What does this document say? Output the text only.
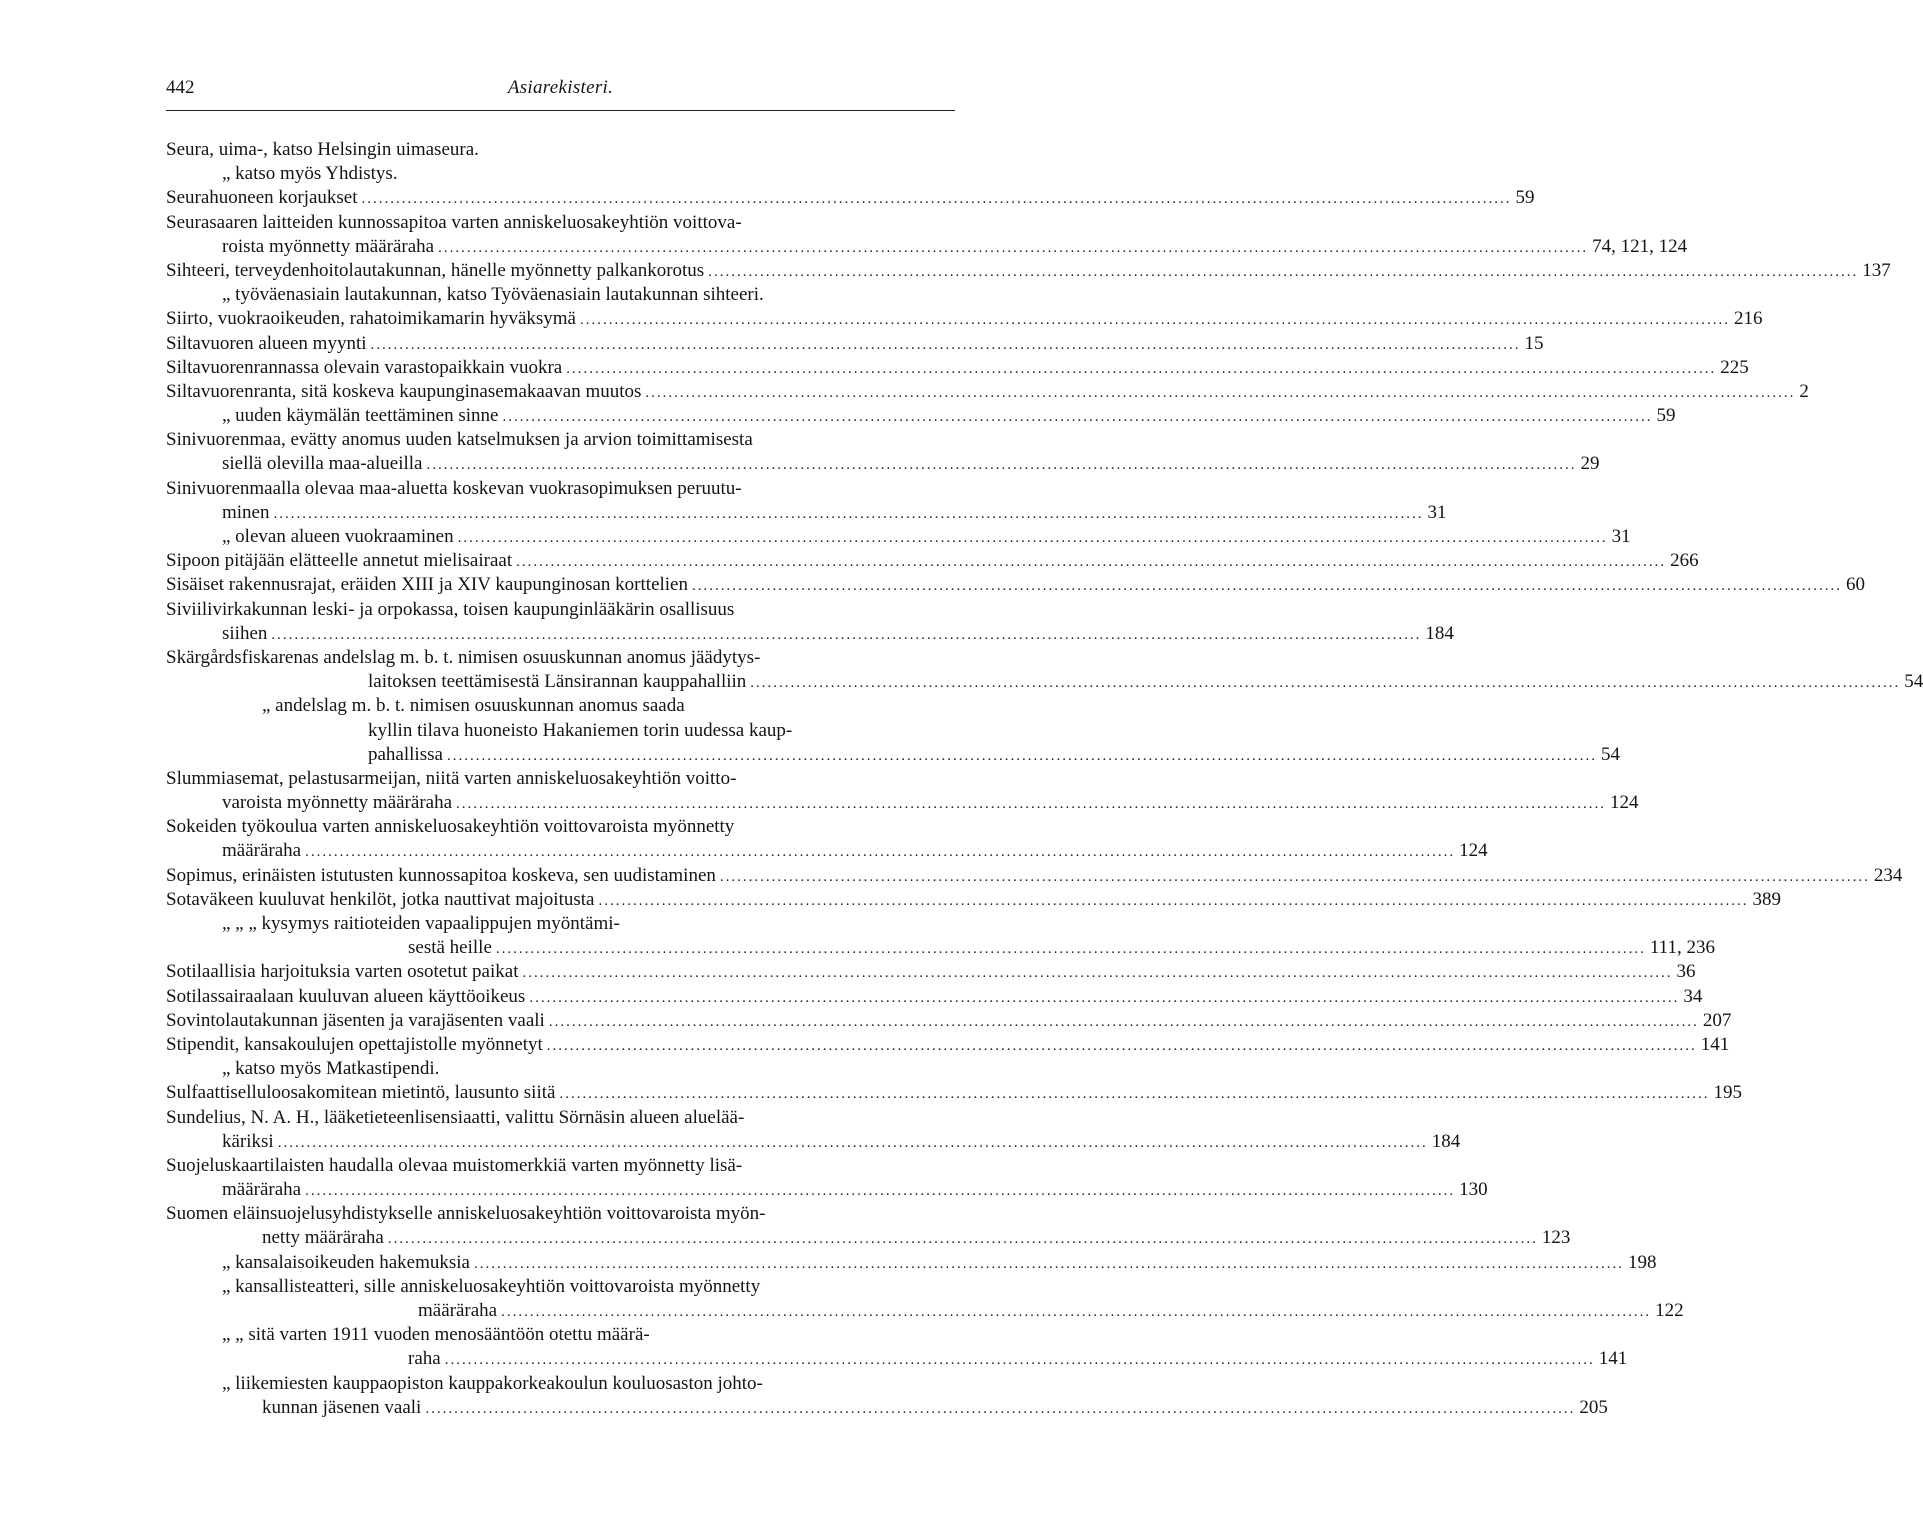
442	Asiarekisteri.
Seura, uima-, katso Helsingin uimaseura.
„ katso myös Yhdistys.
Seurahuoneen korjaukset ........................................................................................................................................................................................................ 59
Seurasaaren laitteiden kunnossapitoa varten anniskeluosakeyhtiön voittova-
roista myönnetty määräraha ........................................................................................................................................................................................................ 74, 121, 124
Sihteeri, terveydenhoitolautakunnan, hänelle myönnetty palkankorotus ........................................................................................................................................................................................................ 137
„ työväenasiain lautakunnan, katso Työväenasiain lautakunnan sihteeri.
Siirto, vuokraoikeuden, rahatoimikamarin hyväksymä ........................................................................................................................................................................................................ 216
Siltavuoren alueen myynti ........................................................................................................................................................................................................ 15
Siltavuorenrannassa olevain varastopaikkain vuokra ........................................................................................................................................................................................................ 225
Siltavuorenranta, sitä koskeva kaupunginasemakaavan muutos ........................................................................................................................................................................................................ 2
„ uuden käymälän teettäminen sinne ........................................................................................................................................................................................................ 59
Sinivuorenmaa, evätty anomus uuden katselmuksen ja arvion toimittamisesta
siellä olevilla maa-alueilla ........................................................................................................................................................................................................ 29
Sinivuorenmaalla olevaa maa-aluetta koskevan vuokrasopimuksen peruutu-
minen ........................................................................................................................................................................................................ 31
„ olevan alueen vuokraaminen ........................................................................................................................................................................................................ 31
Sipoon pitäjään elätteelle annetut mielisairaat ........................................................................................................................................................................................................ 266
Sisäiset rakennusrajat, eräiden XIII ja XIV kaupunginosan korttelien ........................................................................................................................................................................................................ 60
Siviilivirkakunnan leski- ja orpokassa, toisen kaupunginlääkärin osallisuus
siihen ........................................................................................................................................................................................................ 184
Skärgårdsfiskarenas andelslag m. b. t. nimisen osuuskunnan anomus jäädytys-
laitoksen teettämisestä Länsirannan kauppahalliin ........................................................................................................................................................................................................ 54
„ andelslag m. b. t. nimisen osuuskunnan anomus saada
kyllin tilava huoneisto Hakaniemen torin uudessa kaup-
pahallissa ........................................................................................................................................................................................................ 54
Slummiasemat, pelastusarmeijan, niitä varten anniskeluosakeyhtiön voitto-
varoista myönnetty määräraha ........................................................................................................................................................................................................ 124
Sokeiden työkoulua varten anniskeluosakeyhtiön voittovaroista myönnetty
määräraha ........................................................................................................................................................................................................ 124
Sopimus, erinäisten istutusten kunnossapitoa koskeva, sen uudistaminen ........................................................................................................................................................................................................ 234
Sotaväkeen kuuluvat henkilöt, jotka nauttivat majoitusta ........................................................................................................................................................................................................ 389
„ „ „ kysymys raitioteiden vapaalippujen myöntämi-
sestä heille ........................................................................................................................................................................................................ 111, 236
Sotilaallisia harjoituksia varten osotetut paikat ........................................................................................................................................................................................................ 36
Sotilassairaalaan kuuluvan alueen käyttöoikeus ........................................................................................................................................................................................................ 34
Sovintolautakunnan jäsenten ja varajäsenten vaali ........................................................................................................................................................................................................ 207
Stipendit, kansakoulujen opettajistolle myönnetyt ........................................................................................................................................................................................................ 141
„ katso myös Matkastipendi.
Sulfaattiselluloosakomitean mietintö, lausunto siitä ........................................................................................................................................................................................................ 195
Sundelius, N. A. H., lääketieteenlisensiaatti, valittu Sörnäsin alueen aluelää-
käriksi ........................................................................................................................................................................................................ 184
Suojeluskaartilaisten haudalla olevaa muistomerkkiä varten myönnetty lisä-
määräraha ........................................................................................................................................................................................................ 130
Suomen eläinsuojelusyhdistykselle anniskeluosakeyhtiön voittovaroista myön-
netty määräraha ........................................................................................................................................................................................................ 123
„ kansalaisoikeuden hakemuksia ........................................................................................................................................................................................................ 198
„ kansallisteatteri, sille anniskeluosakeyhtiön voittovaroista myönnetty
määräraha ........................................................................................................................................................................................................ 122
„ „ sitä varten 1911 vuoden menosääntöön otettu määrä-
raha ........................................................................................................................................................................................................ 141
„ liikemiesten kauppaopiston kauppakorkeakoulun kouluosaston johto-
kunnan jäsenen vaali ........................................................................................................................................................................................................ 205
